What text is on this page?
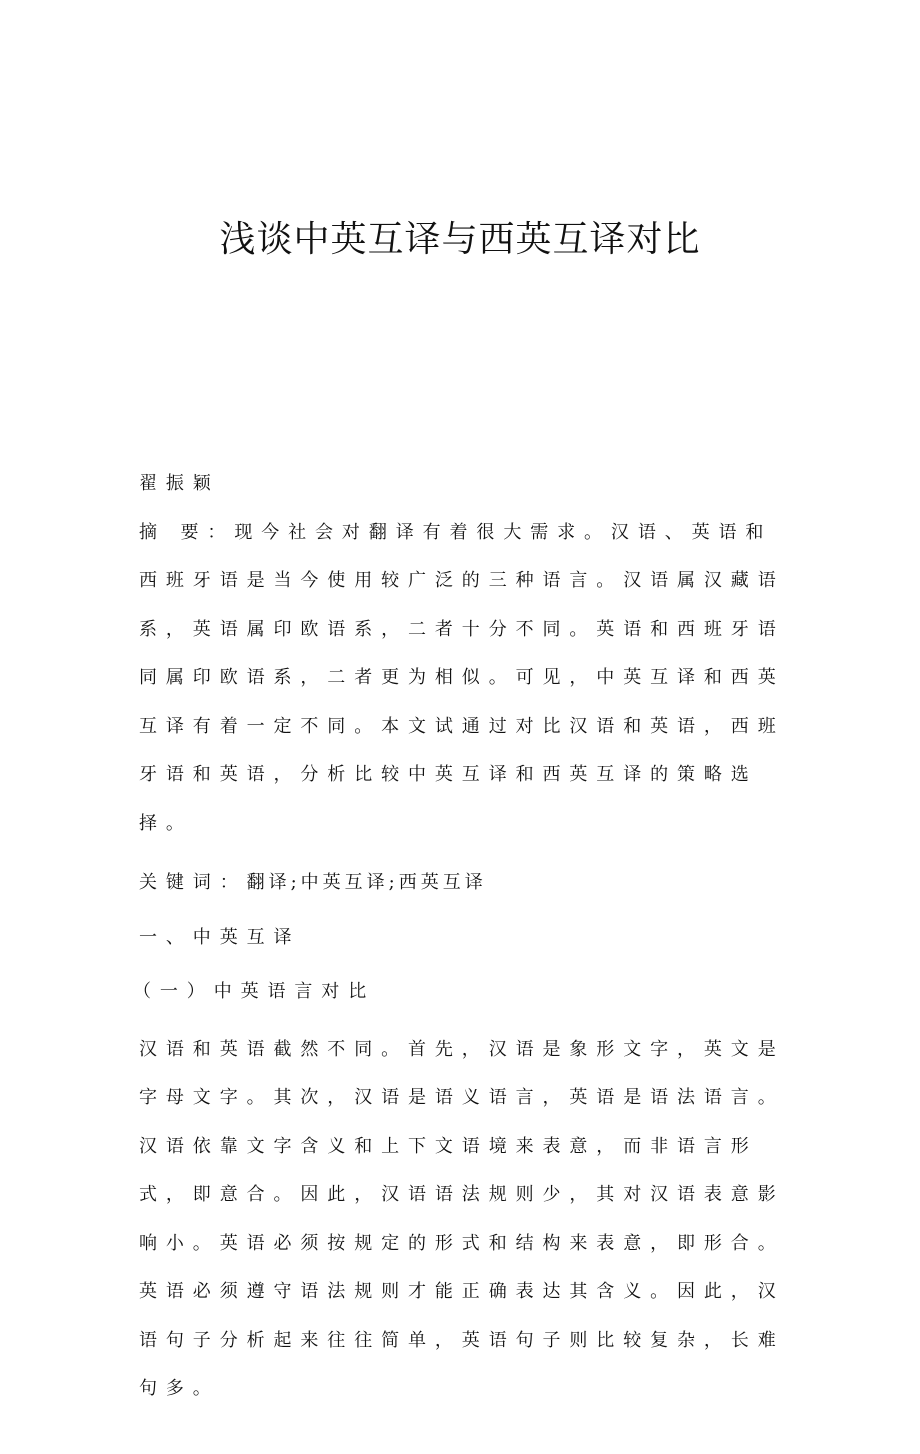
浅谈中英互译与西英互译对比
翟振颖
摘 要：现今社会对翻译有着很大需求。汉语、英语和西班牙语是当今使用较广泛的三种语言。汉语属汉藏语系，英语属印欧语系，二者十分不同。英语和西班牙语同属印欧语系，二者更为相似。可见，中英互译和西英互译有着一定不同。本文试通过对比汉语和英语，西班牙语和英语，分析比较中英互译和西英互译的策略选择。
关键词：翻译;中英互译;西英互译
一、中英互译
（一）中英语言对比
汉语和英语截然不同。首先，汉语是象形文字，英文是字母文字。其次，汉语是语义语言，英语是语法语言。汉语依靠文字含义和上下文语境来表意，而非语言形式，即意合。因此，汉语语法规则少，其对汉语表意影响小。英语必须按规定的形式和结构来表意，即形合。英语必须遵守语法规则才能正确表达其含义。因此，汉语句子分析起来往往简单，英语句子则比较复杂，长难句多。
